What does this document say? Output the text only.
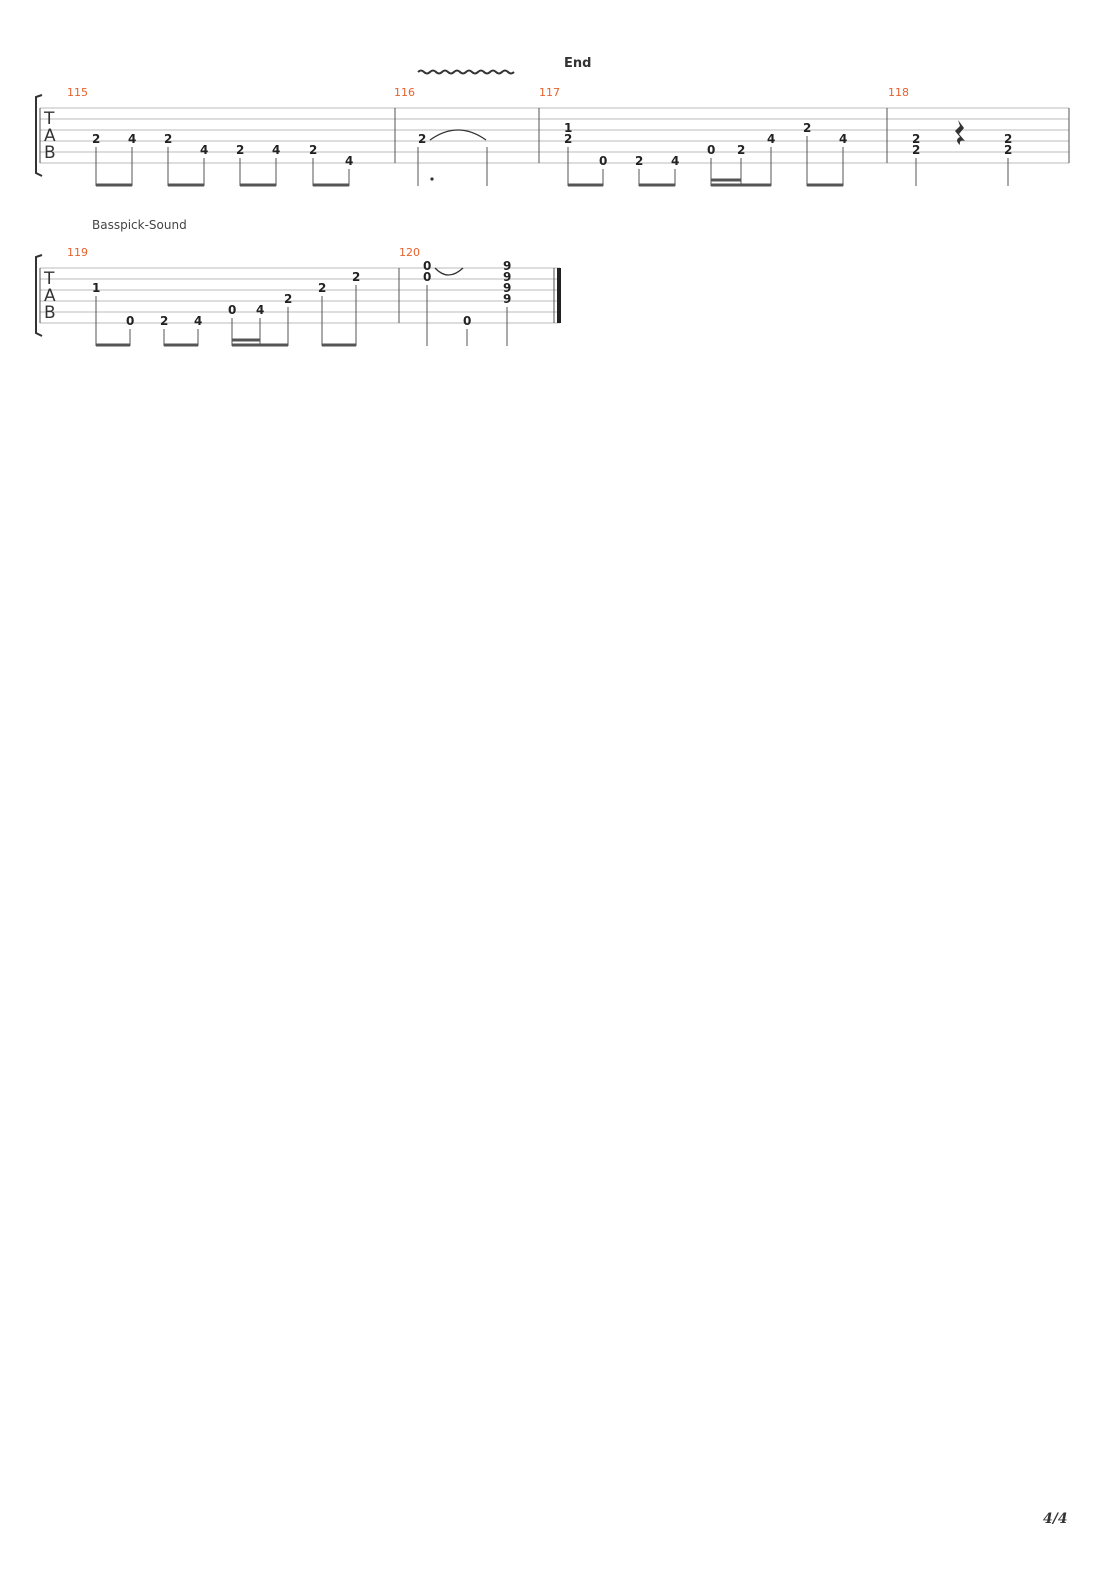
End
T
A
B
115	116	117	118
2 4 2
4 2 4 2
4
2
1
2
0 2 4
0 2
4
2
4	2
2
2
2
Basspick-Sound
T
A
B
119	120
1
0 2 4
0 4
2
2
2
0
0
0
9
9
9
9
4/4
